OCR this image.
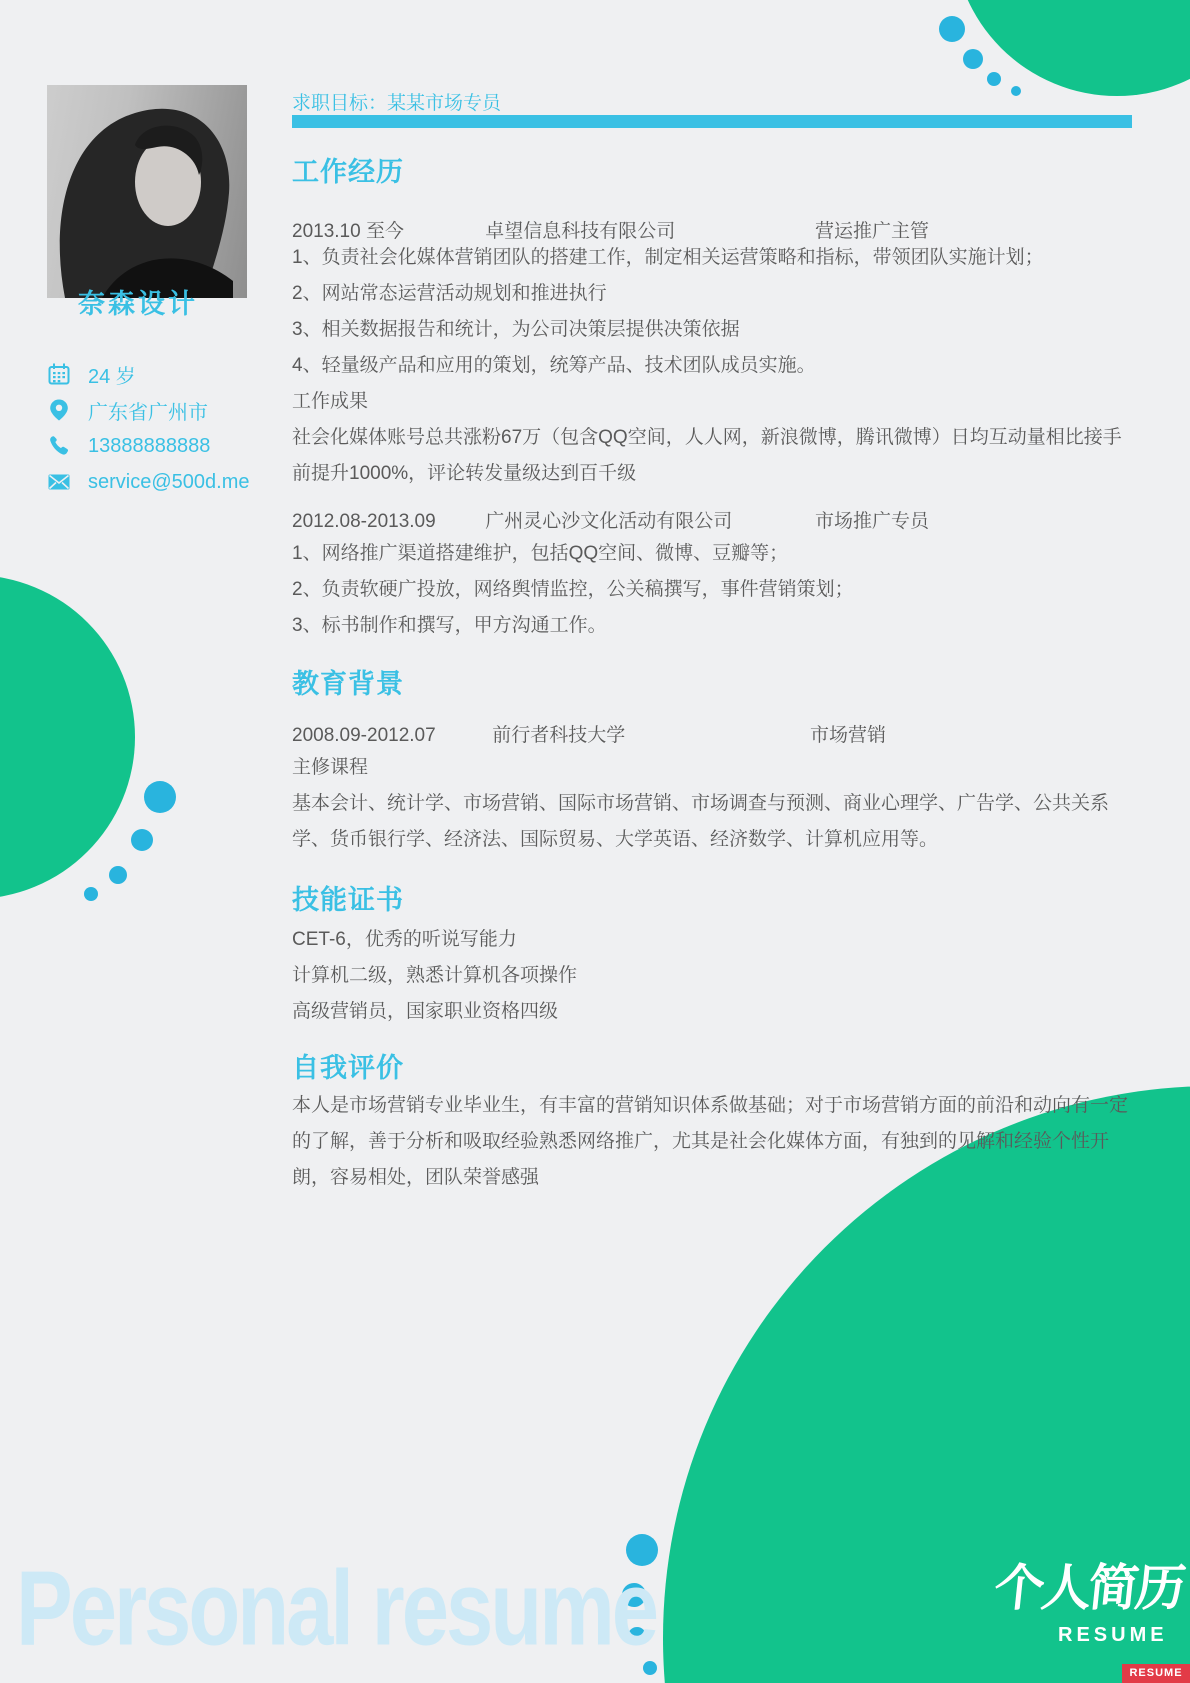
奈森设计
24 岁
广东省广州市
13888888888
service@500d.me
求职目标：某某市场专员
工作经历
2013.10 至今	卓望信息科技有限公司	营运推广主管
1、负责社会化媒体营销团队的搭建工作，制定相关运营策略和指标，带领团队实施计划；
2、网站常态运营活动规划和推进执行
3、相关数据报告和统计，为公司决策层提供决策依据
4、轻量级产品和应用的策划，统筹产品、技术团队成员实施。
工作成果

社会化媒体账号总共涨粉67万（包含QQ空间，人人网，新浪微博，腾讯微博）日均互动量相比接手前提升1000%，评论转发量级达到百千级

2012.08-2013.09	广州灵心沙文化活动有限公司	市场推广专员
1、网络推广渠道搭建维护，包括QQ空间、微博、豆瓣等；
2、负责软硬广投放，网络舆情监控，公关稿撰写，事件营销策划；
3、标书制作和撰写，甲方沟通工作。
教育背景
2008.09-2012.07	前行者科技大学	市场营销
主修课程

基本会计、统计学、市场营销、国际市场营销、市场调查与预测、商业心理学、广告学、公共关系学、货币银行学、经济法、国际贸易、大学英语、经济数学、计算机应用等。

技能证书
CET-6，优秀的听说写能力
计算机二级，熟悉计算机各项操作
高级营销员，国家职业资格四级
自我评价

本人是市场营销专业毕业生，有丰富的营销知识体系做基础；对于市场营销方面的前沿和动向有一定的了解，善于分析和吸取经验熟悉网络推广，尤其是社会化媒体方面，有独到的见解和经验个性开朗，容易相处，团队荣誉感强

Personal resume	个人简历
RESUME
RESUME
